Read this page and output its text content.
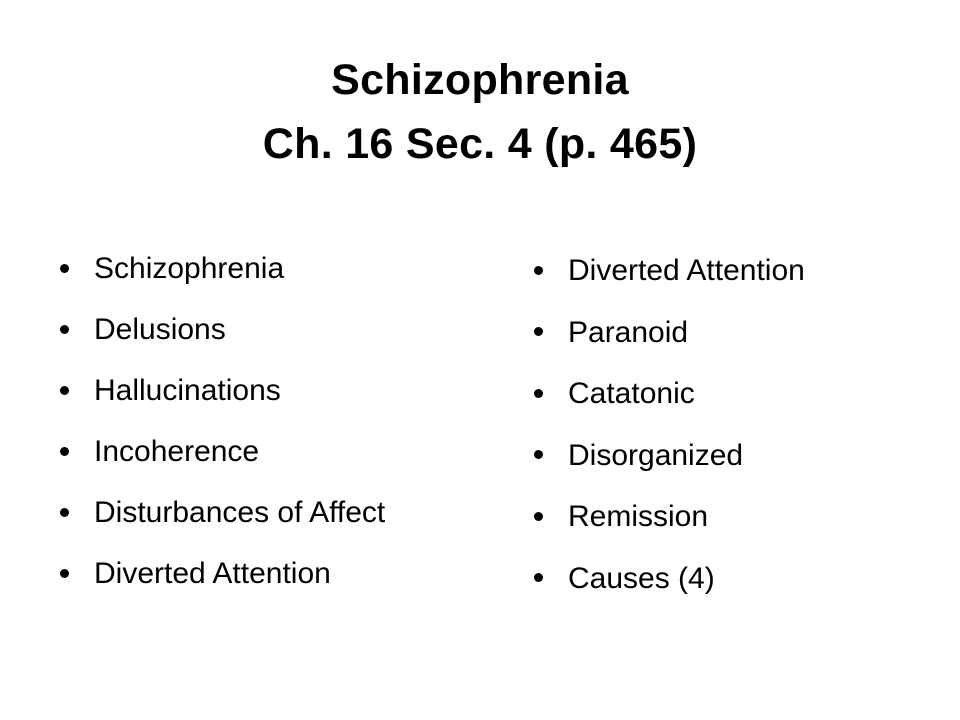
Schizophrenia
Ch. 16 Sec. 4 (p. 465)
Schizophrenia
Delusions
Hallucinations
Incoherence
Disturbances of Affect
Diverted Attention
Diverted Attention
Paranoid
Catatonic
Disorganized
Remission
Causes (4)
